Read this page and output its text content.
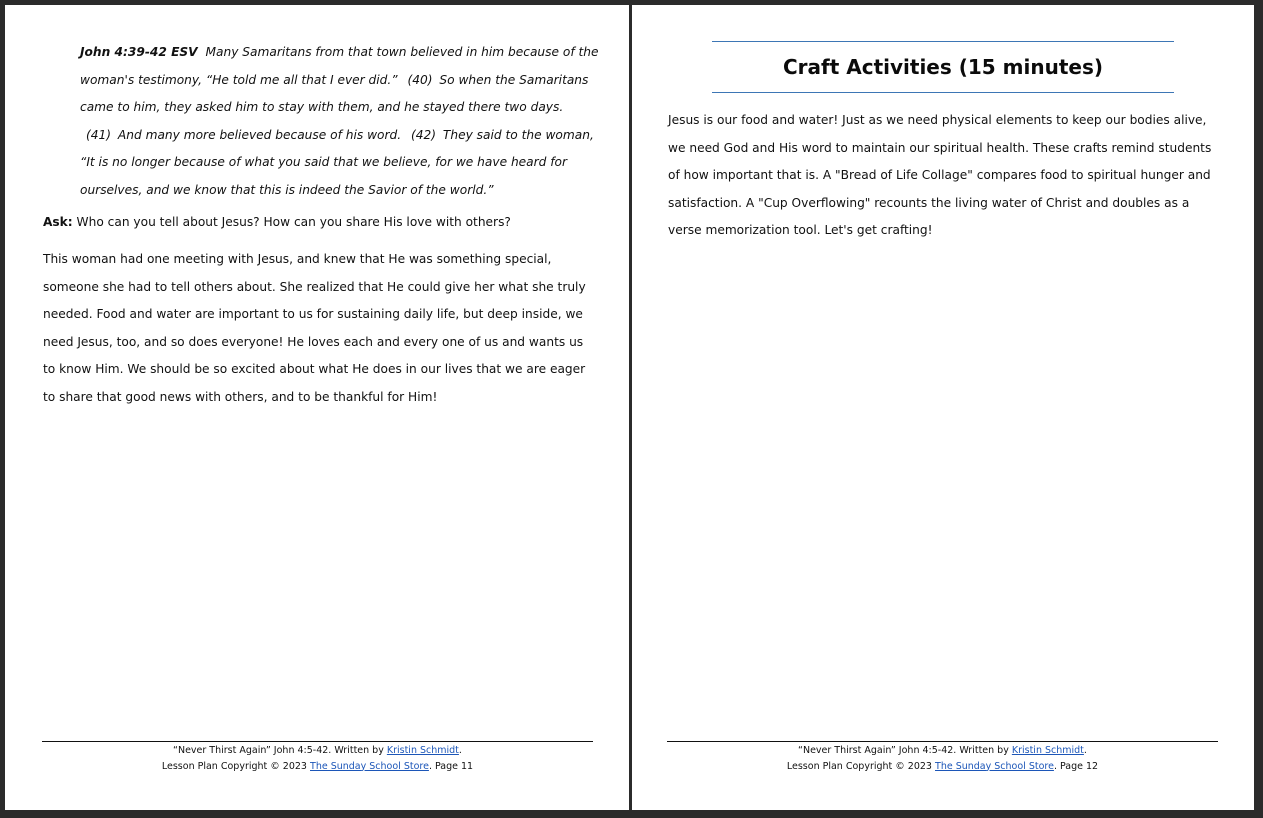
John 4:39-42 ESV Many Samaritans from that town believed in him because of the woman's testimony, “He told me all that I ever did.” (40) So when the Samaritans came to him, they asked him to stay with them, and he stayed there two days. (41) And many more believed because of his word. (42) They said to the woman, “It is no longer because of what you said that we believe, for we have heard for ourselves, and we know that this is indeed the Savior of the world.”

Ask: Who can you tell about Jesus? How can you share His love with others?

This woman had one meeting with Jesus, and knew that He was something special, someone she had to tell others about. She realized that He could give her what she truly needed. Food and water are important to us for sustaining daily life, but deep inside, we need Jesus, too, and so does everyone! He loves each and every one of us and wants us to know Him. We should be so excited about what He does in our lives that we are eager to share that good news with others, and to be thankful for Him!

“Never Thirst Again” John 4:5-42. Written by Kristin Schmidt.
Lesson Plan Copyright © 2023 The Sunday School Store. Page 11
Craft Activities (15 minutes)

Jesus is our food and water! Just as we need physical elements to keep our bodies alive, we need God and His word to maintain our spiritual health. These crafts remind students of how important that is. A "Bread of Life Collage" compares food to spiritual hunger and satisfaction. A "Cup Overflowing" recounts the living water of Christ and doubles as a verse memorization tool. Let's get crafting!

“Never Thirst Again” John 4:5-42. Written by Kristin Schmidt.
Lesson Plan Copyright © 2023 The Sunday School Store. Page 12
